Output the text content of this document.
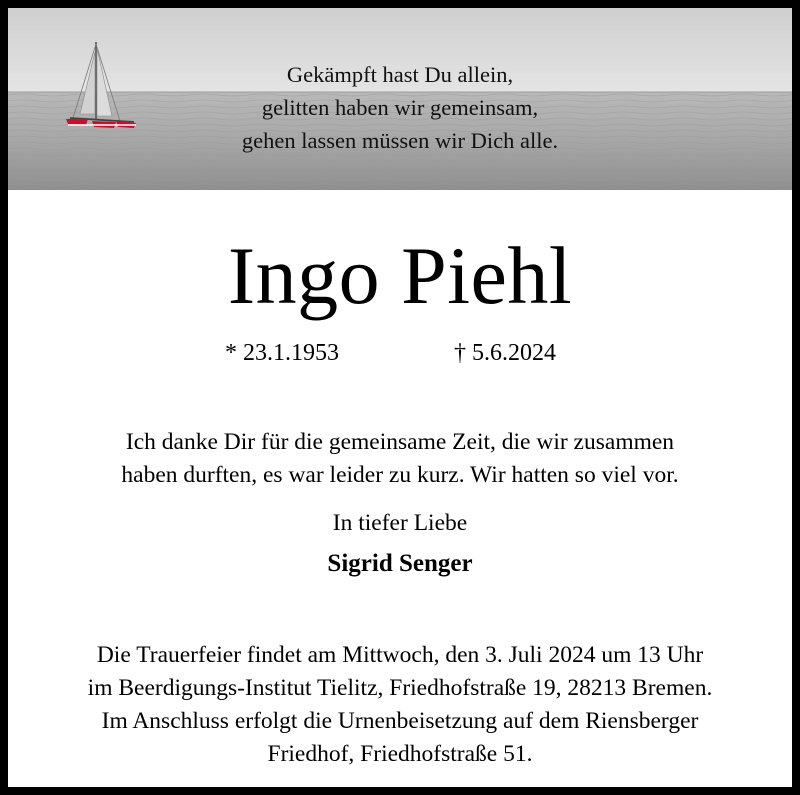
Gekämpft hast Du allein,
gelitten haben wir gemeinsam,
gehen lassen müssen wir Dich alle.
Ingo Piehl
* 23.1.1953	† 5.6.2024
Ich danke Dir für die gemeinsame Zeit, die wir zusammen
haben durften, es war leider zu kurz. Wir hatten so viel vor.
In tiefer Liebe
Sigrid Senger
Die Trauerfeier findet am Mittwoch, den 3. Juli 2024 um 13 Uhr
im Beerdigungs-Institut Tielitz, Friedhofstraße 19, 28213 Bremen.
Im Anschluss erfolgt die Urnenbeisetzung auf dem Riensberger
Friedhof, Friedhofstraße 51.
